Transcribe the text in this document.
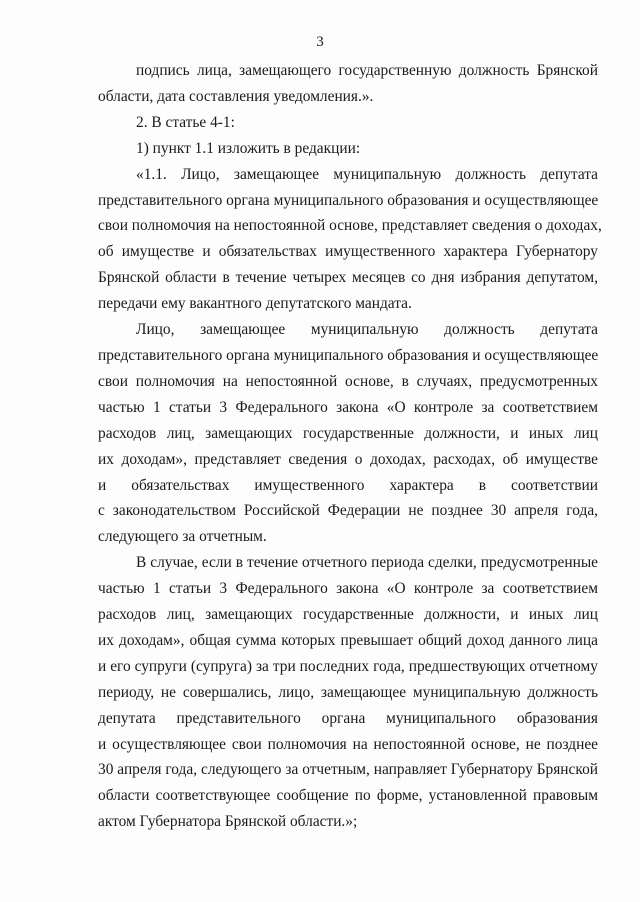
3
подпись лица, замещающего государственную должность Брянской
области, дата составления уведомления.».
2. В статье 4-1:
1) пункт 1.1 изложить в редакции:
«1.1. Лицо, замещающее муниципальную должность депутата
представительного органа муниципального образования и осуществляющее
свои полномочия на непостоянной основе, представляет сведения о доходах,
об имуществе и обязательствах имущественного характера Губернатору
Брянской области в течение четырех месяцев со дня избрания депутатом,
передачи ему вакантного депутатского мандата.
Лицо, замещающее муниципальную должность депутата
представительного органа муниципального образования и осуществляющее
свои полномочия на непостоянной основе, в случаях, предусмотренных
частью 1 статьи 3 Федерального закона «О контроле за соответствием
расходов лиц, замещающих государственные должности, и иных лиц
их доходам», представляет сведения о доходах, расходах, об имуществе
и обязательствах имущественного характера в соответствии
с законодательством Российской Федерации не позднее 30 апреля года,
следующего за отчетным.
В случае, если в течение отчетного периода сделки, предусмотренные
частью 1 статьи 3 Федерального закона «О контроле за соответствием
расходов лиц, замещающих государственные должности, и иных лиц
их доходам», общая сумма которых превышает общий доход данного лица
и его супруги (супруга) за три последних года, предшествующих отчетному
периоду, не совершались, лицо, замещающее муниципальную должность
депутата представительного органа муниципального образования
и осуществляющее свои полномочия на непостоянной основе, не позднее
30 апреля года, следующего за отчетным, направляет Губернатору Брянской
области соответствующее сообщение по форме, установленной правовым
актом Губернатора Брянской области.»;
